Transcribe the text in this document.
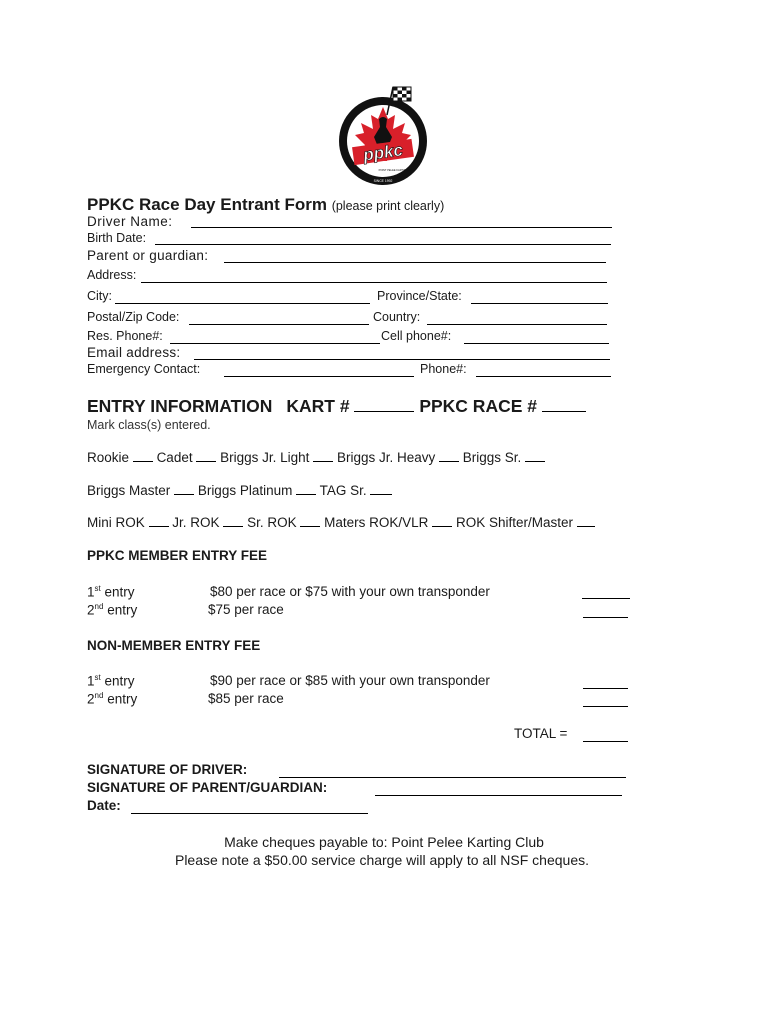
ppkc
POINT PELEE KARTING CLUB
SINCE 1992
PPKC Race Day Entrant Form (please print clearly)
Driver Name:
Birth Date:
Parent or guardian:
Address:
City:	Province/State:
Postal/Zip Code:	Country:
Res. Phone#:	Cell phone#:
Email address:
Emergency Contact:	Phone#:
ENTRY INFORMATION KART #	PPKC RACE #
Mark class(s) entered.
Rookie Cadet Briggs Jr. Light Briggs Jr. Heavy Briggs Sr.
Briggs Master Briggs Platinum TAG Sr.
Mini ROK Jr. ROK Sr. ROK Maters ROK/VLR ROK Shifter/Master
PPKC MEMBER ENTRY FEE
1st entry	$80 per race or $75 with your own transponder
2nd entry	$75 per race
NON-MEMBER ENTRY FEE
1st entry	$90 per race or $85 with your own transponder
2nd entry	$85 per race
TOTAL =
SIGNATURE OF DRIVER:
SIGNATURE OF PARENT/GUARDIAN:
Date:
Make cheques payable to: Point Pelee Karting Club
Please note a $50.00 service charge will apply to all NSF cheques.
